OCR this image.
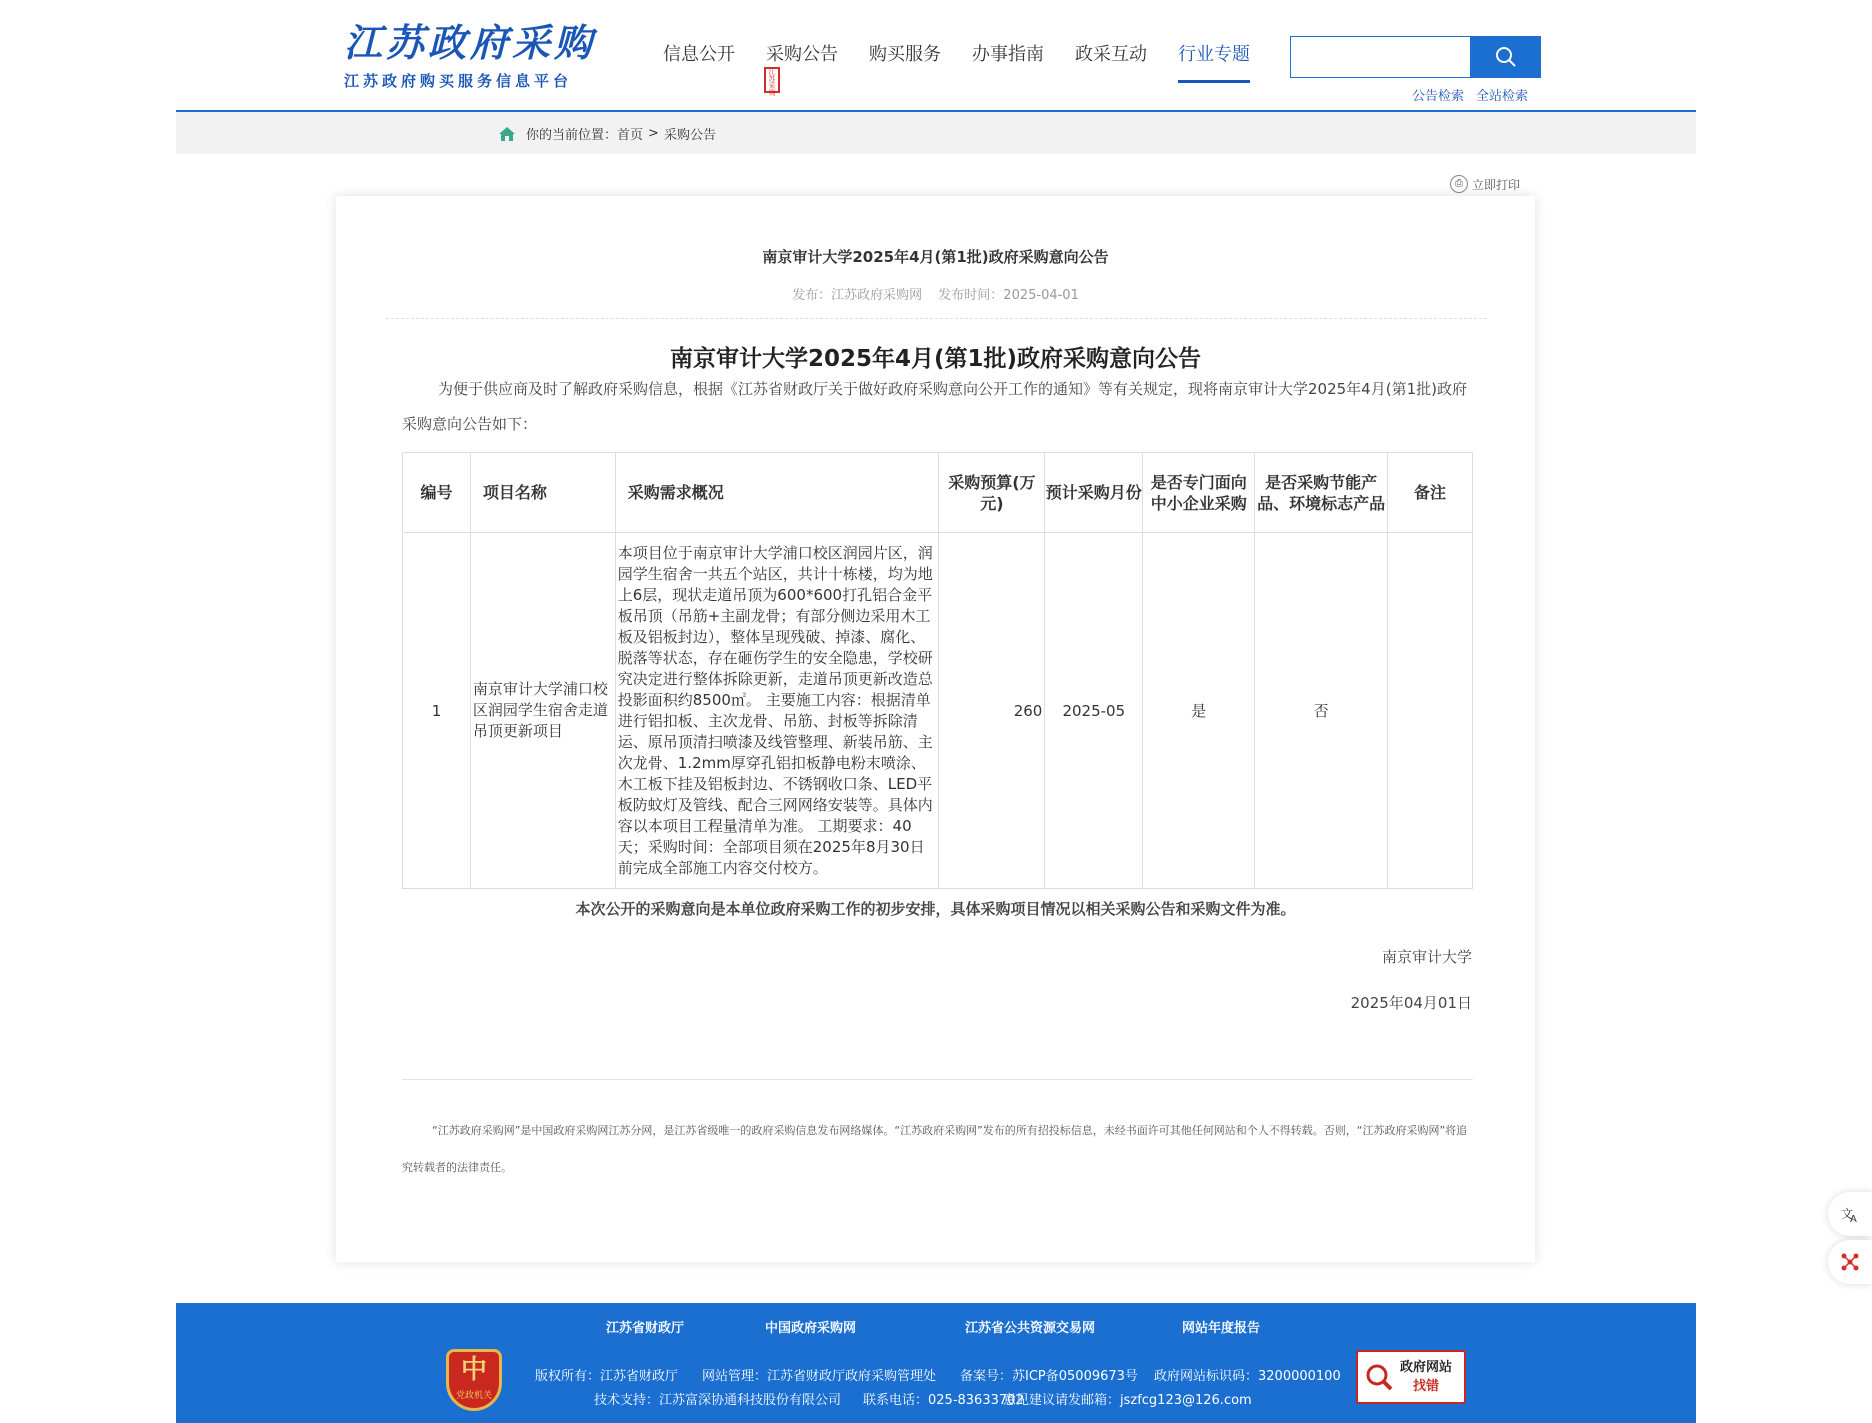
江苏政府采购
江苏政府购买服务信息平台	江苏采购
信息公开 采购公告 购买服务 办事指南 政采互动 行业专题
公告检索 全站检索
你的当前位置： 首页 > 采购公告
⎙ 立即打印
南京审计大学2025年4月(第1批)政府采购意向公告
发布：江苏政府采购网 发布时间：2025-04-01
南京审计大学2025年4月(第1批)政府采购意向公告
为便于供应商及时了解政府采购信息，根据《江苏省财政厅关于做好政府采购意向公开工作的通知》等有关规定，现将南京审计大学2025年4月(第1批)政府采购意向公告如下：
编号	项目名称	采购需求概况	采购预算(万元)	预计采购月份	是否专门面向中小企业采购	是否采购节能产品、环境标志产品	备注
1	南京审计大学浦口校区润园学生宿舍走道吊顶更新项目	本项目位于南京审计大学浦口校区润园片区，润园学生宿舍一共五个站区，共计十栋楼，均为地上6层，现状走道吊顶为600*600打孔铝合金平板吊顶（吊筋+主副龙骨；有部分侧边采用木工板及铝板封边），整体呈现残破、掉漆、腐化、脱落等状态，存在砸伤学生的安全隐患，学校研究决定进行整体拆除更新，走道吊顶更新改造总投影面积约8500㎡。 主要施工内容：根据清单进行铝扣板、主次龙骨、吊筋、封板等拆除清运、原吊顶清扫喷漆及线管整理、新装吊筋、主次龙骨、1.2mm厚穿孔铝扣板静电粉末喷涂、木工板下挂及铝板封边、不锈钢收口条、LED平板防蚊灯及管线、配合三网网络安装等。具体内容以本项目工程量清单为准。 工期要求：40天；采购时间：全部项目须在2025年8月30日前完成全部施工内容交付校方。	260	2025-05	是	否	
本次公开的采购意向是本单位政府采购工作的初步安排，具体采购项目情况以相关采购公告和采购文件为准。
南京审计大学
2025年04月01日
“江苏政府采购网”是中国政府采购网江苏分网，是江苏省级唯一的政府采购信息发布网络媒体。“江苏政府采购网”发布的所有招投标信息，未经书面许可其他任何网站和个人不得转载。否则，“江苏政府采购网”将追究转载者的法律责任。
文
A
江苏省财政厅	中国政府采购网	江苏省公共资源交易网	网站年度报告
中
党政机关
版权所有：江苏省财政厅 网站管理：江苏省财政厅政府采购管理处 备案号：苏ICP备05009673号 政府网站标识码：3200000100
技术支持：江苏富深协通科技股份有限公司 联系电话：025-83633702
意见建议请发邮箱：jszfcg123@126.com
政府网站
找错
